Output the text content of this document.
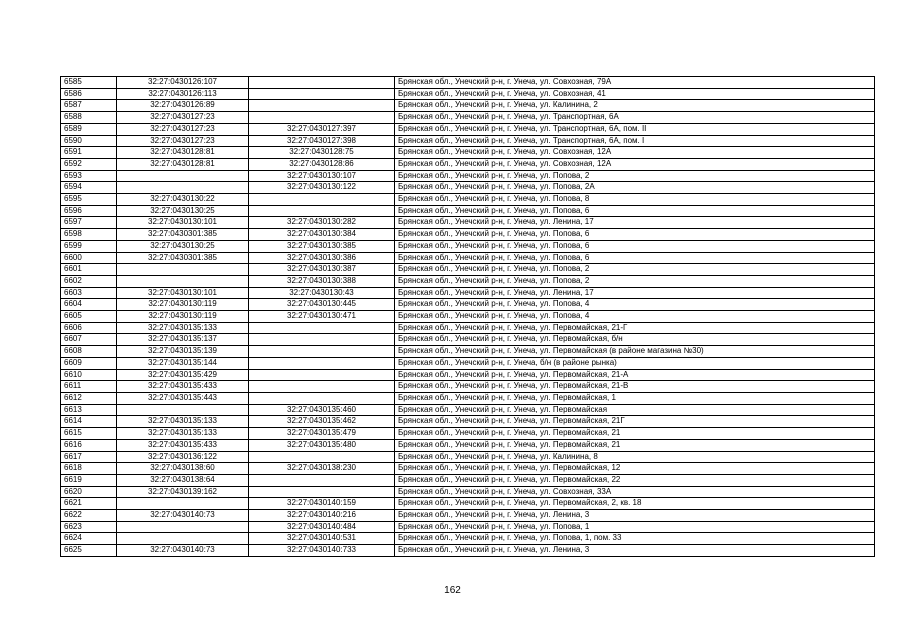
6585	32:27:0430126:107		Брянская обл., Унечский р-н, г. Унеча, ул. Совхозная, 79А
6586	32:27:0430126:113		Брянская обл., Унечский р-н, г. Унеча, ул. Совхозная, 41
6587	32:27:0430126:89		Брянская обл., Унечский р-н, г. Унеча, ул. Калинина, 2
6588	32:27:0430127:23		Брянская обл., Унечский р-н, г. Унеча, ул. Транспортная, 6А
6589	32:27:0430127:23	32:27:0430127:397	Брянская обл., Унечский р-н, г. Унеча, ул. Транспортная, 6А, пом. II
6590	32:27:0430127:23	32:27:0430127:398	Брянская обл., Унечский р-н, г. Унеча, ул. Транспортная, 6А, пом. I
6591	32:27:0430128:81	32:27:0430128:75	Брянская обл., Унечский р-н, г. Унеча, ул. Совхозная, 12А
6592	32:27:0430128:81	32:27:0430128:86	Брянская обл., Унечский р-н, г. Унеча, ул. Совхозная, 12А
6593		32:27:0430130:107	Брянская обл., Унечский р-н, г. Унеча, ул. Попова, 2
6594		32:27:0430130:122	Брянская обл., Унечский р-н, г. Унеча, ул. Попова, 2А
6595	32:27:0430130:22		Брянская обл., Унечский р-н, г. Унеча, ул. Попова, 8
6596	32:27:0430130:25		Брянская обл., Унечский р-н, г. Унеча, ул. Попова, 6
6597	32:27:0430130:101	32:27:0430130:282	Брянская обл., Унечский р-н, г. Унеча, ул. Ленина, 17
6598	32:27:0430301:385	32:27:0430130:384	Брянская обл., Унечский р-н, г. Унеча, ул. Попова, 6
6599	32:27:0430130:25	32:27:0430130:385	Брянская обл., Унечский р-н, г. Унеча, ул. Попова, 6
6600	32:27:0430301:385	32:27:0430130:386	Брянская обл., Унечский р-н, г. Унеча, ул. Попова, 6
6601		32:27:0430130:387	Брянская обл., Унечский р-н, г. Унеча, ул. Попова, 2
6602		32:27:0430130:388	Брянская обл., Унечский р-н, г. Унеча, ул. Попова, 2
6603	32:27:0430130:101	32:27:0430130:43	Брянская обл., Унечский р-н, г. Унеча, ул. Ленина, 17
6604	32:27:0430130:119	32:27:0430130:445	Брянская обл., Унечский р-н, г. Унеча, ул. Попова, 4
6605	32:27:0430130:119	32:27:0430130:471	Брянская обл., Унечский р-н, г. Унеча, ул. Попова, 4
6606	32:27:0430135:133		Брянская обл., Унечский р-н, г. Унеча, ул. Первомайская, 21-Г
6607	32:27:0430135:137		Брянская обл., Унечский р-н, г. Унеча, ул. Первомайская, б/н
6608	32:27:0430135:139		Брянская обл., Унечский р-н, г. Унеча, ул. Первомайская (в районе магазина №30)
6609	32:27:0430135:144		Брянская обл., Унечский р-н, г. Унеча, б/н (в районе рынка)
6610	32:27:0430135:429		Брянская обл., Унечский р-н, г. Унеча, ул. Первомайская, 21-А
6611	32:27:0430135:433		Брянская обл., Унечский р-н, г. Унеча, ул. Первомайская, 21-В
6612	32:27:0430135:443		Брянская обл., Унечский р-н, г. Унеча, ул. Первомайская, 1
6613		32:27:0430135:460	Брянская обл., Унечский р-н, г. Унеча, ул. Первомайская
6614	32:27:0430135:133	32:27:0430135:462	Брянская обл., Унечский р-н, г. Унеча, ул. Первомайская, 21Г
6615	32:27:0430135:133	32:27:0430135:479	Брянская обл., Унечский р-н, г. Унеча, ул. Первомайская, 21
6616	32:27:0430135:433	32:27:0430135:480	Брянская обл., Унечский р-н, г. Унеча, ул. Первомайская, 21
6617	32:27:0430136:122		Брянская обл., Унечский р-н, г. Унеча, ул. Калинина, 8
6618	32:27:0430138:60	32:27:0430138:230	Брянская обл., Унечский р-н, г. Унеча, ул. Первомайская, 12
6619	32:27:0430138:64		Брянская обл., Унечский р-н, г. Унеча, ул. Первомайская, 22
6620	32:27:0430139:162		Брянская обл., Унечский р-н, г. Унеча, ул. Совхозная, 33А
6621		32:27:0430140:159	Брянская обл., Унечский р-н, г. Унеча, ул. Первомайская, 2, кв. 18
6622	32:27:0430140:73	32:27:0430140:216	Брянская обл., Унечский р-н, г. Унеча, ул. Ленина, 3
6623		32:27:0430140:484	Брянская обл., Унечский р-н, г. Унеча, ул. Попова, 1
6624		32:27:0430140:531	Брянская обл., Унечский р-н, г. Унеча, ул. Попова, 1, пом. 33
6625	32:27:0430140:73	32:27:0430140:733	Брянская обл., Унечский р-н, г. Унеча, ул. Ленина, 3
162
